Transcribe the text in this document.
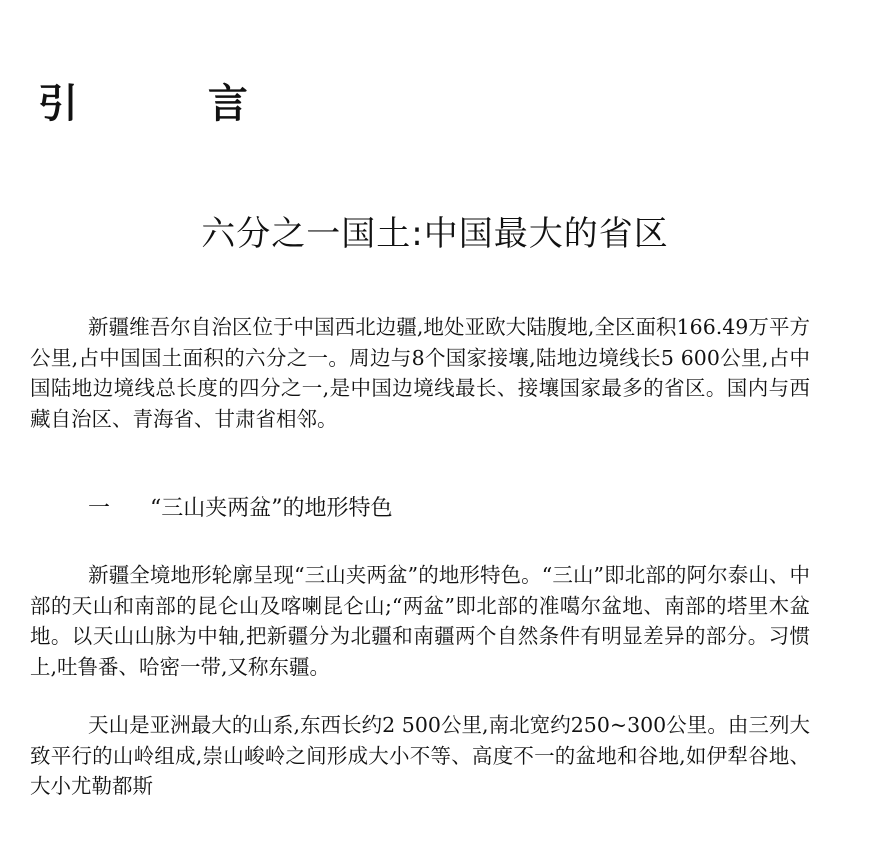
引 言
六分之一国土:中国最大的省区

新疆维吾尔自治区位于中国西北边疆,地处亚欧大陆腹地,全区面积166.49万平方公里,占中国国土面积的六分之一。周边与8个国家接壤,陆地边境线长5 600公里,占中国陆地边境线总长度的四分之一,是中国边境线最长、接壤国家最多的省区。国内与西藏自治区、青海省、甘肃省相邻。

一 “三山夹两盆”的地形特色

新疆全境地形轮廓呈现“三山夹两盆”的地形特色。“三山”即北部的阿尔泰山、中部的天山和南部的昆仑山及喀喇昆仑山;“两盆”即北部的准噶尔盆地、南部的塔里木盆地。以天山山脉为中轴,把新疆分为北疆和南疆两个自然条件有明显差异的部分。习惯上,吐鲁番、哈密一带,又称东疆。

天山是亚洲最大的山系,东西长约2 500公里,南北宽约250~300公里。由三列大致平行的山岭组成,崇山峻岭之间形成大小不等、高度不一的盆地和谷地,如伊犁谷地、大小尤勒都斯
